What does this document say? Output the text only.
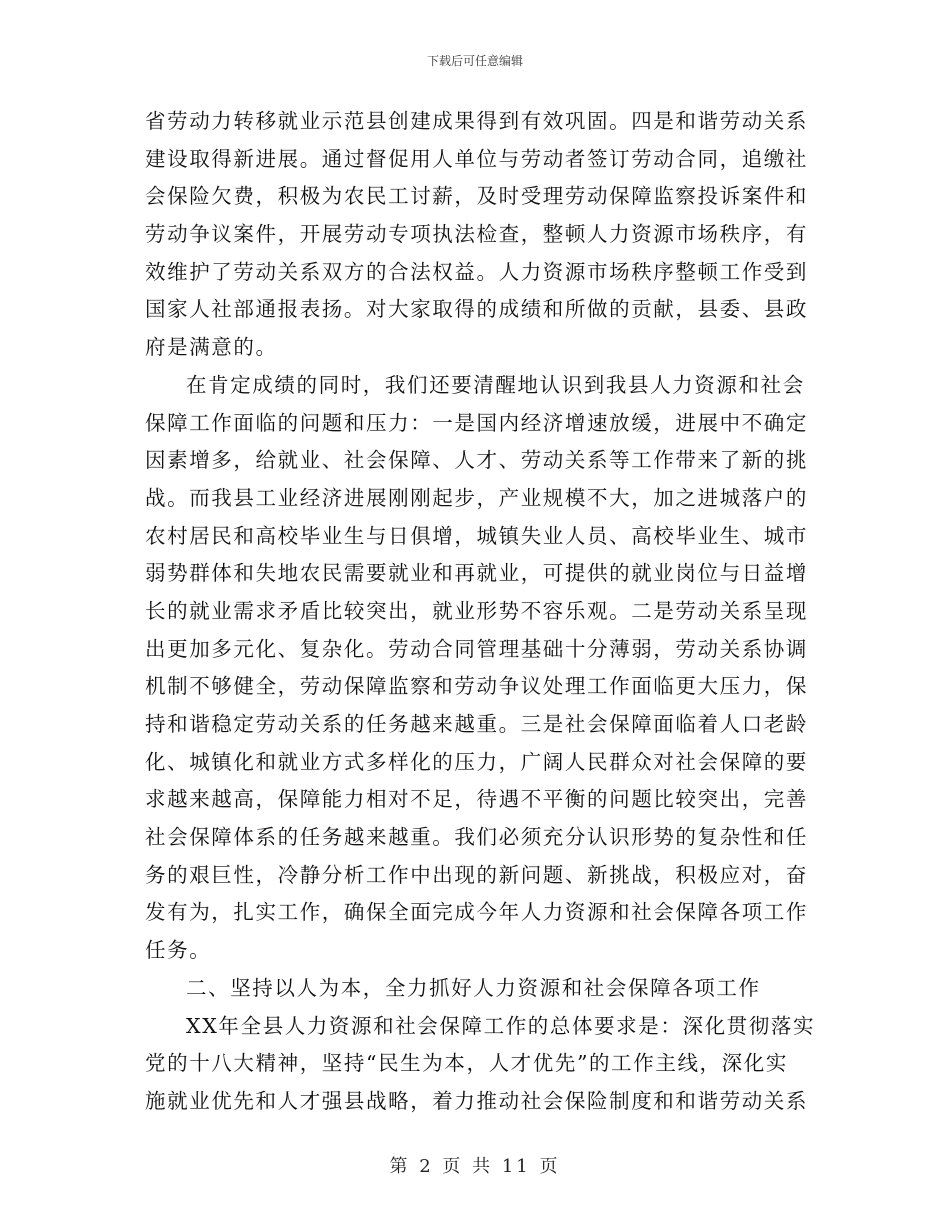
下载后可任意编辑
省劳动力转移就业示范县创建成果得到有效巩固。四是和谐劳动关系
建设取得新进展。通过督促用人单位与劳动者签订劳动合同，追缴社
会保险欠费，积极为农民工讨薪，及时受理劳动保障监察投诉案件和
劳动争议案件，开展劳动专项执法检查，整顿人力资源市场秩序，有
效维护了劳动关系双方的合法权益。人力资源市场秩序整顿工作受到
国家人社部通报表扬。对大家取得的成绩和所做的贡献，县委、县政
府是满意的。
在肯定成绩的同时，我们还要清醒地认识到我县人力资源和社会
保障工作面临的问题和压力：一是国内经济增速放缓，进展中不确定
因素增多，给就业、社会保障、人才、劳动关系等工作带来了新的挑
战。而我县工业经济进展刚刚起步，产业规模不大，加之进城落户的
农村居民和高校毕业生与日俱增，城镇失业人员、高校毕业生、城市
弱势群体和失地农民需要就业和再就业，可提供的就业岗位与日益增
长的就业需求矛盾比较突出，就业形势不容乐观。二是劳动关系呈现
出更加多元化、复杂化。劳动合同管理基础十分薄弱，劳动关系协调
机制不够健全，劳动保障监察和劳动争议处理工作面临更大压力，保
持和谐稳定劳动关系的任务越来越重。三是社会保障面临着人口老龄
化、城镇化和就业方式多样化的压力，广阔人民群众对社会保障的要
求越来越高，保障能力相对不足，待遇不平衡的问题比较突出，完善
社会保障体系的任务越来越重。我们必须充分认识形势的复杂性和任
务的艰巨性，冷静分析工作中出现的新问题、新挑战，积极应对，奋
发有为，扎实工作，确保全面完成今年人力资源和社会保障各项工作
任务。
二、坚持以人为本，全力抓好人力资源和社会保障各项工作
XX年全县人力资源和社会保障工作的总体要求是：深化贯彻落实
党的十八大精神，坚持“民生为本，人才优先”的工作主线，深化实
施就业优先和人才强县战略，着力推动社会保险制度和和谐劳动关系
第 2 页 共 11 页
